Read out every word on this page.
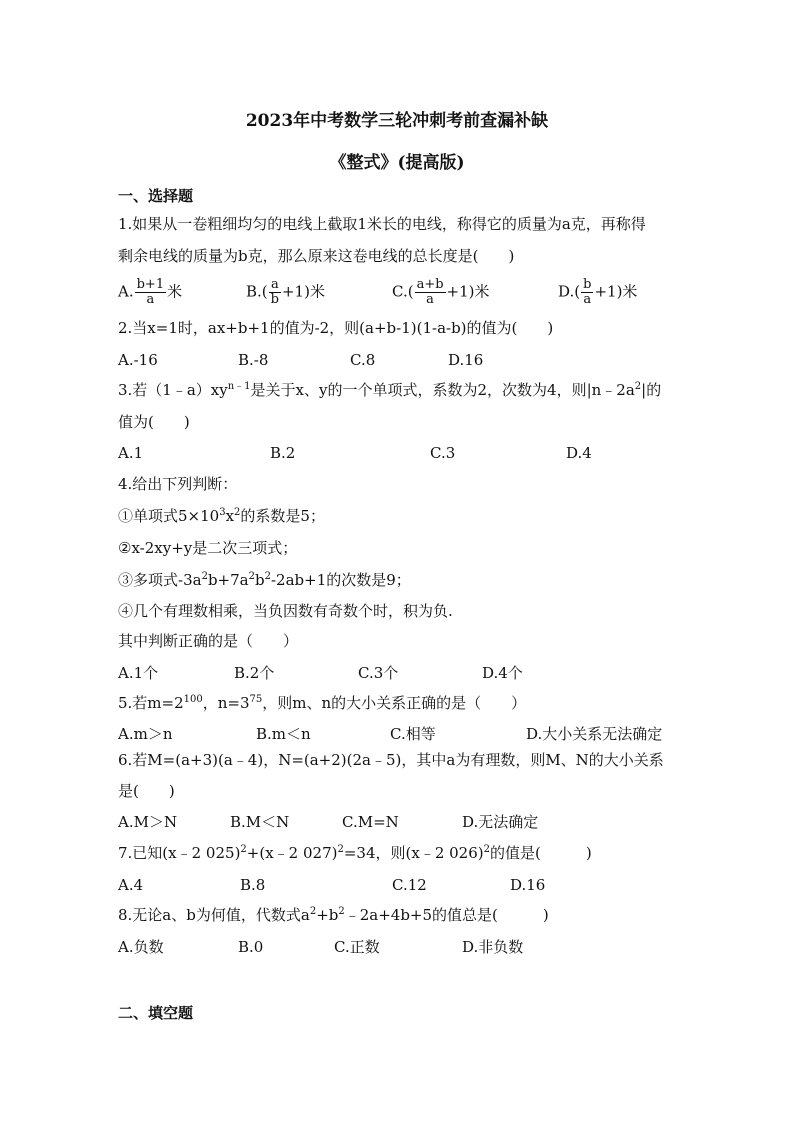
2023年中考数学三轮冲刺考前查漏补缺
《整式》(提高版)
一、选择题
1.如果从一卷粗细均匀的电线上截取1米长的电线，称得它的质量为a克，再称得
剩余电线的质量为b克，那么原来这卷电线的总长度是(　　)
A. $\frac{b+1}{a}$ 米	$B.( \frac{a}{b} +1)$米	$C.( \frac{a+b}{a} +1)$米	$D.( \frac{b}{a} +1)$米
2.当x=1时，ax+b+1的值为-2，则(a+b-1)(1-a-b)的值为(　　)
A.-16	B.-8	C.8	D.16
3.若$(1﹣a)xy^{n﹣1}$是关于x、y的一个单项式，系数为2，次数为4，则$|n﹣2a^2|$的
值为(　　)
A.1	B.2	C.3	D.4
4.给出下列判断：
①单项式$5\times 10^3x^2$的系数是5；
②x-2xy+y是二次三项式；
③多项式$-3a^2b+7a^2b^2-2ab+1$的次数是9；
④几个有理数相乘，当负因数有奇数个时，积为负.
其中判断正确的是（　　）
A.1个	B.2个	C.3个	D.4个
5.若$m=2^{100}$，$n=3^{75}$，则m、n的大小关系正确的是（　　）
A.m＞n	B.m＜n	C.相等	D.大小关系无法确定
6.若M=(a+3)(a﹣4)，N=(a+2)(2a﹣5)，其中a为有理数，则M、N的大小关系
是(　　)
A.M＞N	B.M＜N	C.M=N	D.无法确定
7.已知(x﹣2 025)$^2$+(x﹣2 027)$^2$=34，则(x﹣2 026)$^2$的值是(　　　)
A.4	B.8	C.12	D.16
8.无论a、b为何值，代数式$a^2+b^2﹣2a+4b+5$的值总是(　　　)
A.负数	B.0	C.正数	D.非负数
二、填空题
